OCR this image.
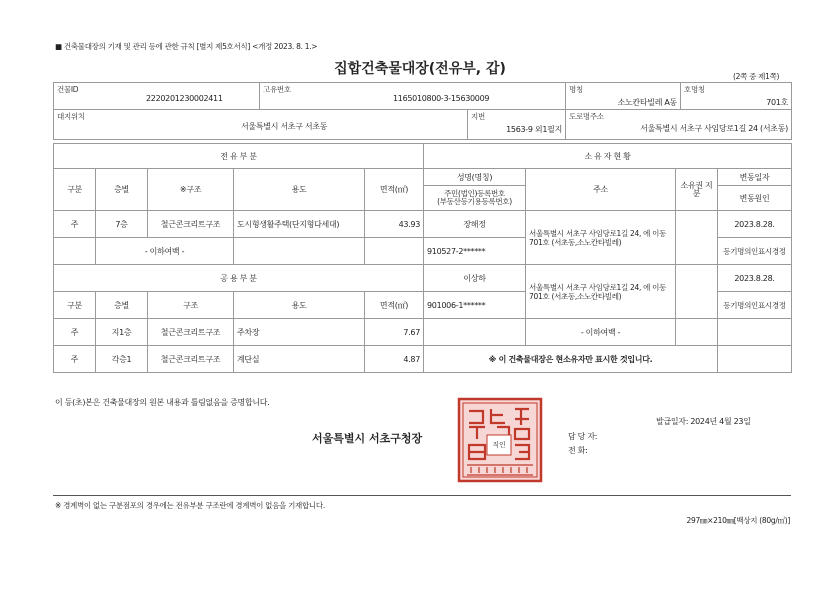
■ 건축물대장의 기재 및 관리 등에 관한 규칙 [별지 제5호서식] <개정 2023. 8. 1.>
집합건축물대장(전유부, 갑)	(2쪽 중 제1쪽)
건물ID
2220201230002411

고유번호
1165010800-3-15630009

명칭
소노칸타빌레 A동

호명칭
701호
대지위치
서울특별시 서초구 서초동

지번
1563-9 외1필지

도로명주소
서울특별시 서초구 사임당로1길 24 (서초동)
전 유 부 분					소 유 자 현 황			
구분	층별	※구조	용도	면적(㎡)	성명(명칭)	주소	소유권 지분	변동일자
					주민(법인)등록번호
(부동산등기용등록번호)			변동원인
주	7층	철근콘크리트구조	도시형생활주택(단지형다세대)	43.93	장해정	서울특별시 서초구 사임당로1길 24, 에 이동 701호 (서초동,소노칸타빌레)		2023.8.28.
	- 이하여백 -				910527-2******			등기명의인표시경정
공 용 부 분					이상하	서울특별시 서초구 사임당로1길 24, 에 이동 701호 (서초동,소노칸타빌레)		2023.8.28.
구분	층별	구조	용도	면적(㎡)	901006-1******			등기명의인표시경정
주	지1층	철근콘크리트구조	주차장	7.67		- 이하여백 -		
주	각층1	철근콘크리트구조	계단실	4.87	※ 이 건축물대장은 현소유자만 표시한 것입니다.			
이 등(초)본은 건축물대장의 원본 내용과 틀림없음을 증명합니다.
서울특별시 서초구청장	직인
발급일자: 2024년 4월 23일
담 당 자:
전 화:
※ 경계벽이 없는 구분점포의 경우에는 전유부분 구조란에 경계벽이 없음을 기재합니다.
297㎜×210㎜[백상지 (80g/㎡)]
